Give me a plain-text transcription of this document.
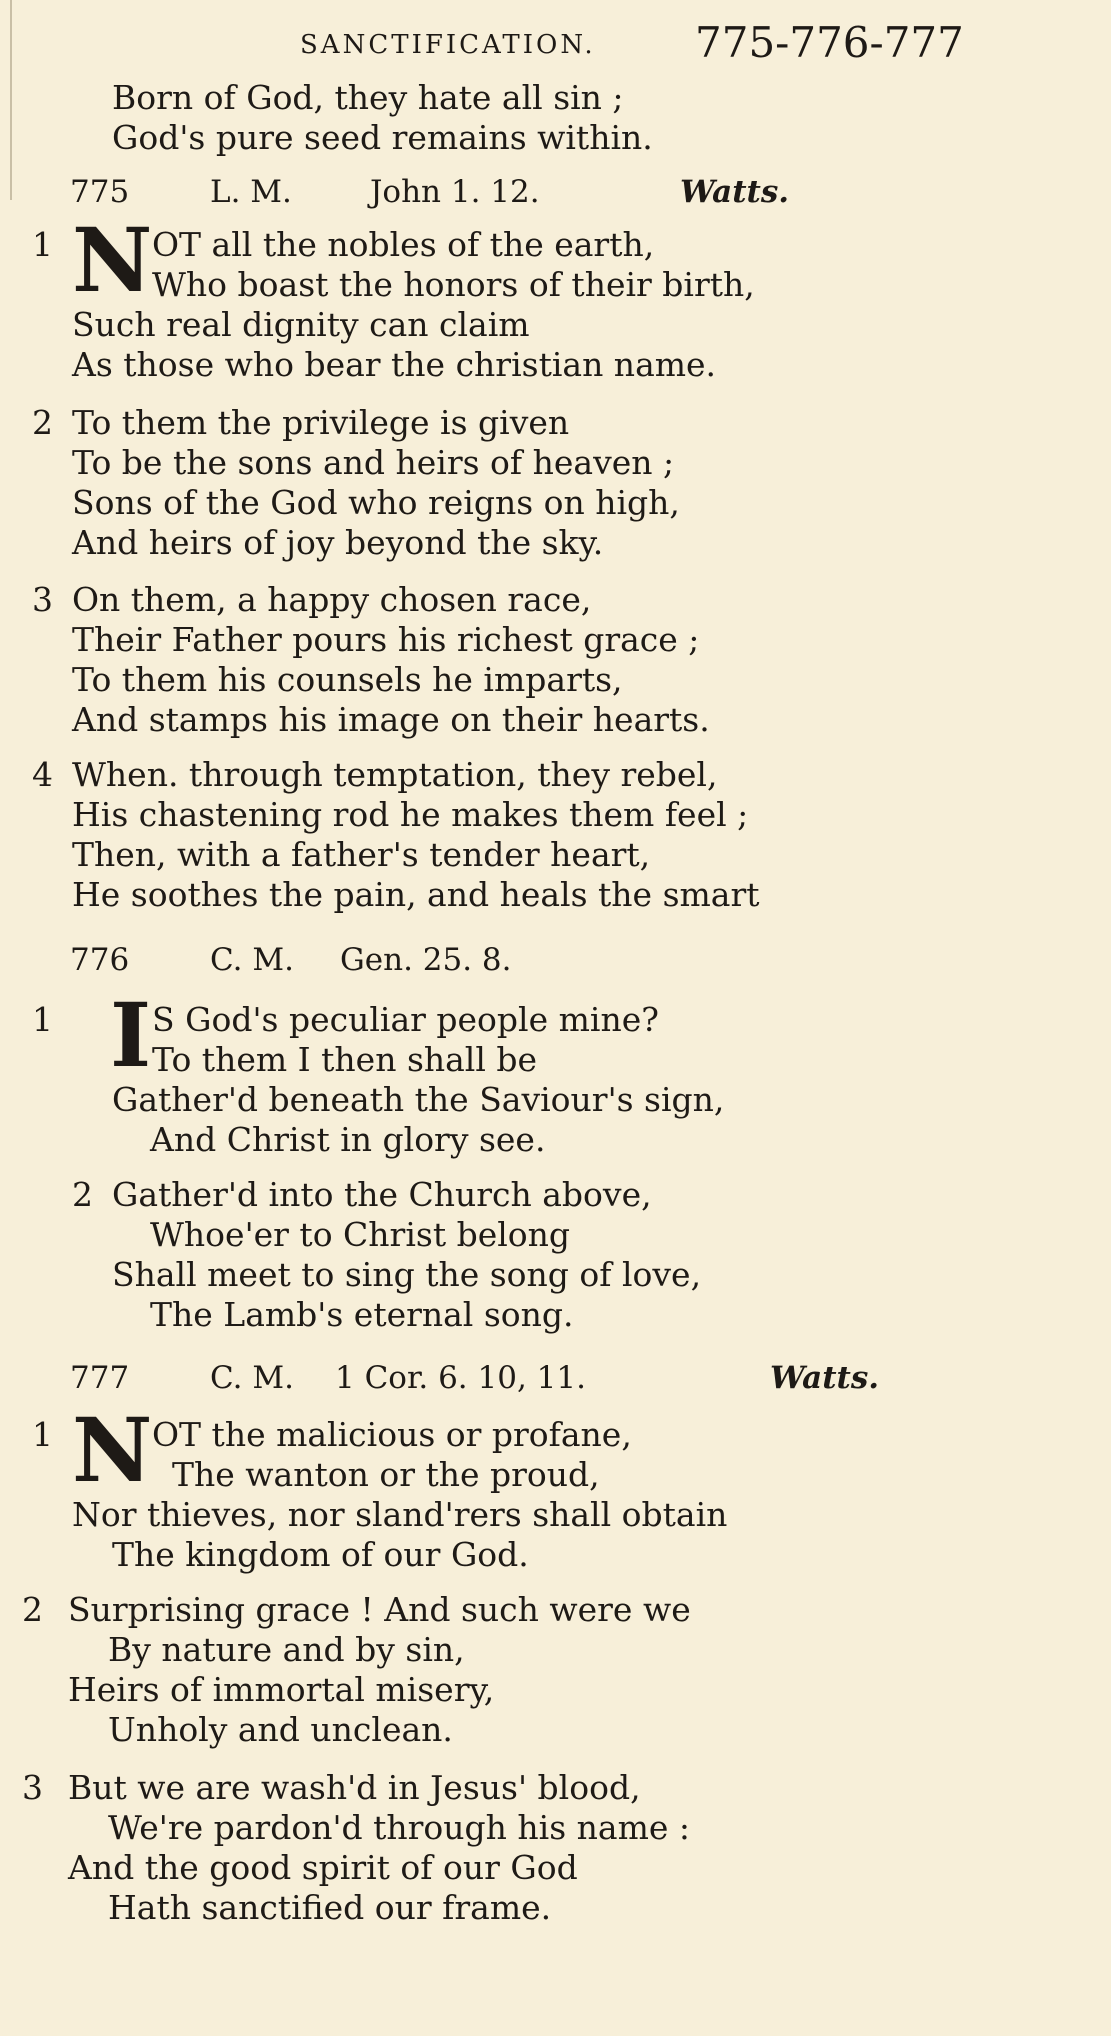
SANCTIFICATION. 775-776-777
Born of God, they hate all sin ;
God's pure seed remains within.
775	L. M.	John 1. 12.	Watts.
1 N OT all the nobles of the earth,
Who boast the honors of their birth,
Such real dignity can claim
As those who bear the christian name.
2 To them the privilege is given
To be the sons and heirs of heaven ;
Sons of the God who reigns on high,
And heirs of joy beyond the sky.
3 On them, a happy chosen race,
Their Father pours his richest grace ;
To them his counsels he imparts,
And stamps his image on their hearts.
4 When. through temptation, they rebel,
His chastening rod he makes them feel ;
Then, with a father's tender heart,
He soothes the pain, and heals the smart
776	C. M. Gen. 25. 8.
1 I S God's peculiar people mine?
To them I then shall be
Gather'd beneath the Saviour's sign,
And Christ in glory see.
2 Gather'd into the Church above,
Whoe'er to Christ belong
Shall meet to sing the song of love,
The Lamb's eternal song.
777	C. M. 1 Cor. 6. 10, 11.	Watts.
1 N OT the malicious or profane,
The wanton or the proud,
Nor thieves, nor sland'rers shall obtain
The kingdom of our God.
2 Surprising grace ! And such were we
By nature and by sin,
Heirs of immortal misery,
Unholy and unclean.
3 But we are wash'd in Jesus' blood,
We're pardon'd through his name :
And the good spirit of our God
Hath sanctified our frame.
